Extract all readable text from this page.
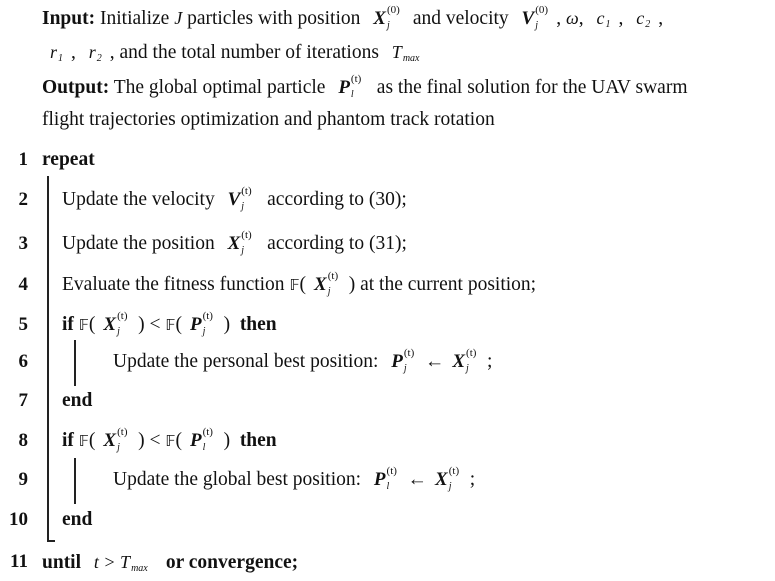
Input: Initialize J particles with position X j
(0) and velocity V j
(0) , ω, c 1 , c 2 ,
r 1 , r 2 , and the total number of iterations T max
Output: The global optimal particle P l
(t) as the final solution for the UAV swarm
flight trajectories optimization and phantom track rotation
1 repeat
2 Update the velocity V j
(t) according to (30);
3 Update the position X j
(t) according to (31);
4 Evaluate the fitness function 𝔽( X j
(t) ) at the current position;
5 if 𝔽( X j
(t) ) < 𝔽( P j
(t) )  then
6	Update the personal best position: P j
(t) ← X j
(t) ;
7 end
8 if 𝔽( X j
(t) ) < 𝔽( P l
(t) )  then
9	Update the global best position: P l
(t) ← X j
(t) ;
10 end
11 until t > T max or convergence;
